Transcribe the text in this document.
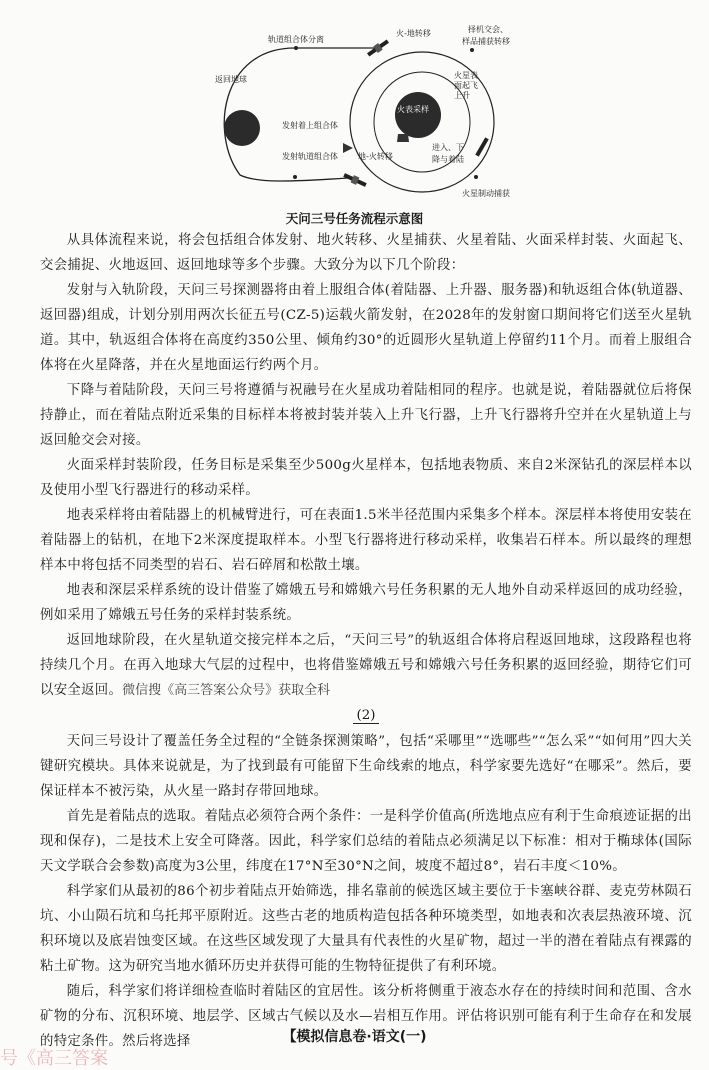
轨道组合体分离
火-地转移	择机交会、样品捕获转移
返回地球	火星表面起飞上升
火表采样
发射着上组合体
发射轨道组合体	地-火转移
进入、下降与着陆
火星制动捕获
天问三号任务流程示意图

从具体流程来说，将会包括组合体发射、地火转移、火星捕获、火星着陆、火面采样封装、火面起飞、交会捕捉、火地返回、返回地球等多个步骤。大致分为以下几个阶段：

发射与入轨阶段，天问三号探测器将由着上服组合体(着陆器、上升器、服务器)和轨返组合体(轨道器、返回器)组成，计划分别用两次长征五号(CZ-5)运载火箭发射，在2028年的发射窗口期间将它们送至火星轨道。其中，轨返组合体将在高度约350公里、倾角约30°的近圆形火星轨道上停留约11个月。而着上服组合体将在火星降落，并在火星地面运行约两个月。

下降与着陆阶段，天问三号将遵循与祝融号在火星成功着陆相同的程序。也就是说，着陆器就位后将保持静止，而在着陆点附近采集的目标样本将被封装并装入上升飞行器，上升飞行器将升空并在火星轨道上与返回舱交会对接。

火面采样封装阶段，任务目标是采集至少500g火星样本，包括地表物质、来自2米深钻孔的深层样本以及使用小型飞行器进行的移动采样。

地表采样将由着陆器上的机械臂进行，可在表面1.5米半径范围内采集多个样本。深层样本将使用安装在着陆器上的钻机，在地下2米深度提取样本。小型飞行器将进行移动采样，收集岩石样本。所以最终的理想样本中将包括不同类型的岩石、岩石碎屑和松散土壤。

地表和深层采样系统的设计借鉴了嫦娥五号和嫦娥六号任务积累的无人地外自动采样返回的成功经验，例如采用了嫦娥五号任务的采样封装系统。

返回地球阶段，在火星轨道交接完样本之后，“天问三号”的轨返组合体将启程返回地球，这段路程也将持续几个月。在再入地球大气层的过程中，也将借鉴嫦娥五号和嫦娥六号任务积累的返回经验，期待它们可以安全返回。微信搜《高三答案公众号》获取全科

(2)

天问三号设计了覆盖任务全过程的“全链条探测策略”，包括“采哪里”“选哪些”“怎么采”“如何用”四大关键研究模块。具体来说就是，为了找到最有可能留下生命线索的地点，科学家要先选好“在哪采”。然后，要保证样本不被污染，从火星一路封存带回地球。

首先是着陆点的选取。着陆点必须符合两个条件：一是科学价值高(所选地点应有利于生命痕迹证据的出现和保存)，二是技术上安全可降落。因此，科学家们总结的着陆点必须满足以下标准：相对于椭球体(国际天文学联合会参数)高度为3公里，纬度在17°N至30°N之间，坡度不超过8°，岩石丰度＜10%。

科学家们从最初的86个初步着陆点开始筛选，排名靠前的候选区域主要位于卡塞峡谷群、麦克劳林陨石坑、小山陨石坑和乌托邦平原附近。这些古老的地质构造包括各种环境类型，如地表和次表层热液环境、沉积环境以及底岩蚀变区域。在这些区域发现了大量具有代表性的火星矿物，超过一半的潜在着陆点有裸露的粘土矿物。这为研究当地水循环历史并获得可能的生物特征提供了有利环境。

随后，科学家们将详细检查临时着陆区的宜居性。该分析将侧重于液态水存在的持续时间和范围、含水矿物的分布、沉积环境、地层学、区域古气候以及水—岩相互作用。评估将识别可能有利于生命存在和发展的特定条件。然后将选择	【模拟信息卷·语文(一)
号《高三答案
